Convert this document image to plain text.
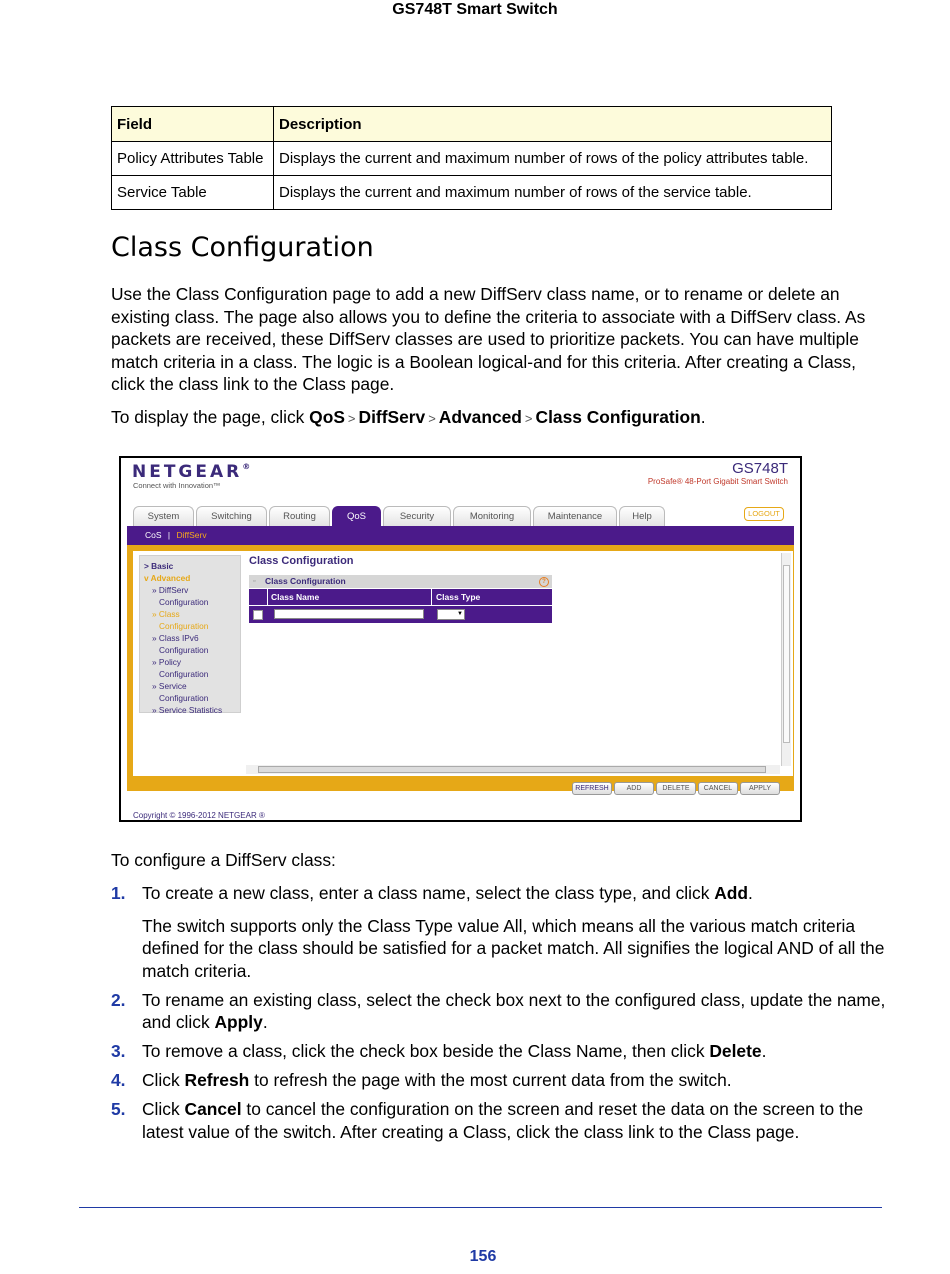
GS748T Smart Switch
Field	Description
Policy Attributes Table	Displays the current and maximum number of rows of the policy attributes table.
Service Table	Displays the current and maximum number of rows of the service table.
Class Configuration

Use the Class Configuration page to add a new DiffServ class name, or to rename or delete an existing class. The page also allows you to define the criteria to associate with a DiffServ class. As packets are received, these DiffServ classes are used to prioritize packets. You can have multiple match criteria in a class. The logic is a Boolean logical-and for this criteria. After creating a Class, click the class link to the Class page.

To display the page, click QoS > DiffServ > Advanced > Class Configuration.

NETGEAR®
Connect with Innovation™
GS748T
ProSafe® 48-Port Gigabit Smart Switch
System	Switching	Routing	QoS	Security	Monitoring	Maintenance	Help	LOGOUT
CoS | DiffServ
> Basic
v Advanced
» DiffServ
Configuration
» Class
Configuration
» Class IPv6
Configuration
» Policy
Configuration
» Service
Configuration
» Service Statistics
Class Configuration
▫ Class Configuration	?
Class Name	Class Type
▼
REFRESH	ADD	DELETE	CANCEL	APPLY
Copyright © 1996-2012 NETGEAR ®

To configure a DiffServ class:

1. To create a new class, enter a class name, select the class type, and click Add.
The switch supports only the Class Type value All, which means all the various match criteria defined for the class should be satisfied for a packet match. All signifies the logical AND of all the match criteria.
2. To rename an existing class, select the check box next to the configured class, update the name, and click Apply.
3. To remove a class, click the check box beside the Class Name, then click Delete.
4. Click Refresh to refresh the page with the most current data from the switch.
5. Click Cancel to cancel the configuration on the screen and reset the data on the screen to the latest value of the switch. After creating a Class, click the class link to the Class page.
156
